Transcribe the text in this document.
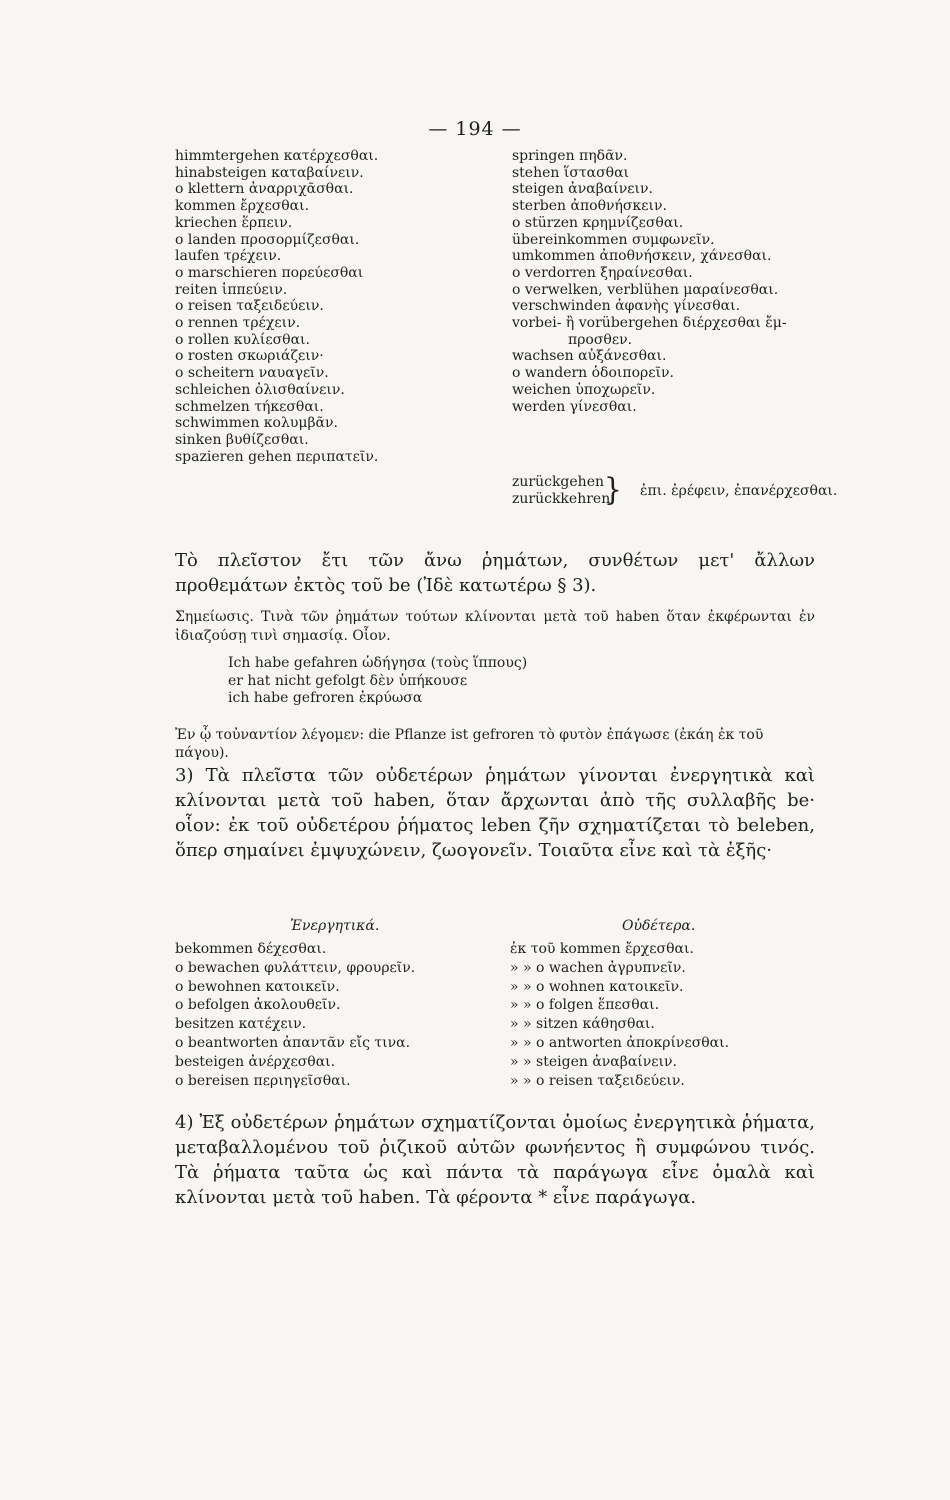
— 194 —
himmtergehen κατέρχεσθαι.
hinabsteigen καταβαίνειν.
o klettern ἀναρριχᾶσθαι.
kommen ἔρχεσθαι.
kriechen ἕρπειν.
o landen προσορμίζεσθαι.
laufen τρέχειν.
o marschieren πορεύεσθαι
reiten ἱππεύειν.
o reisen ταξειδεύειν.
o rennen τρέχειν.
o rollen κυλίεσθαι.
o rosten σκωριάζειν·
o scheitern ναυαγεῖν.
schleichen ὀλισθαίνειν.
schmelzen τήκεσθαι.
schwimmen κολυμβᾶν.
sinken βυθίζεσθαι.
spazieren gehen περιπατεῖν.
springen πηδᾶν.
stehen ἵστασθαι
steigen ἀναβαίνειν.
sterben ἀποθνήσκειν.
o stürzen κρημνίζεσθαι.
übereinkommen συμφωνεῖν.
umkommen ἀποθνήσκειν, χάνεσθαι.
o verdorren ξηραίνεσθαι.
o verwelken, verblühen μαραίνεσθαι.
verschwinden ἀφανὴς γίνεσθαι.
vorbei- ἢ vorübergehen διέρχεσθαι ἔμ-
προσθεν.
wachsen αὐξάνεσθαι.
o wandern ὁδοιπορεῖν.
weichen ὑποχωρεῖν.
werden γίνεσθαι.
zurückgehen
zurückkehren
} ἐπι. ἐρέφειν, ἐπανέρχεσθαι.
Τὸ πλεῖστον ἔτι τῶν ἄνω ῥημάτων, συνθέτων μετ' ἄλλων προθεμάτων ἐκτὸς τοῦ be (Ἰδὲ κατωτέρω § 3).
Σημείωσις. Τινὰ τῶν ῥημάτων τούτων κλίνονται μετὰ τοῦ haben ὅταν ἐκφέρωνται ἐν ἰδιαζούσῃ τινὶ σημασίᾳ. Οἷον.
Ich habe gefahren ὡδήγησα (τοὺς ἵππους)
er hat nicht gefolgt δὲν ὑπήκουσε
ich habe gefroren ἐκρύωσα
Ἐν ᾧ τοὐναντίον λέγομεν: die Pflanze ist gefroren τὸ φυτὸν ἐπάγωσε (ἐκάη ἐκ τοῦ πάγου).
3) Τὰ πλεῖστα τῶν οὐδετέρων ῥημάτων γίνονται ἐνεργητικὰ καὶ κλίνονται μετὰ τοῦ haben, ὅταν ἄρχωνται ἀπὸ τῆς συλλαβῆς be· οἷον: ἐκ τοῦ οὐδετέρου ῥήματος leben ζῆν σχηματίζεται τὸ beleben, ὅπερ σημαίνει ἐμψυχώνειν, ζωογονεῖν. Τοιαῦτα εἶνε καὶ τὰ ἑξῆς·
Ἐνεργητικά.	Οὐδέτερα.
bekommen δέχεσθαι.
o bewachen φυλάττειν, φρουρεῖν.
o bewohnen κατοικεῖν.
o befolgen ἀκολουθεῖν.
besitzen κατέχειν.
o beantworten ἀπαντᾶν εἴς τινα.
besteigen ἀνέρχεσθαι.
o bereisen περιηγεῖσθαι.
ἐκ τοῦ kommen ἔρχεσθαι.
» » o wachen ἀγρυπνεῖν.
» » o wohnen κατοικεῖν.
» » o folgen ἕπεσθαι.
» » sitzen κάθησθαι.
» » o antworten ἀποκρίνεσθαι.
» » steigen ἀναβαίνειν.
» » o reisen ταξειδεύειν.
4) Ἐξ οὐδετέρων ῥημάτων σχηματίζονται ὁμοίως ἐνεργητικὰ ῥήματα, μεταβαλλομένου τοῦ ῥιζικοῦ αὐτῶν φωνήεντος ἢ συμφώνου τινός. Τὰ ῥήματα ταῦτα ὡς καὶ πάντα τὰ παράγωγα εἶνε ὁμαλὰ καὶ κλίνονται μετὰ τοῦ haben. Τὰ φέροντα * εἶνε παράγωγα.
